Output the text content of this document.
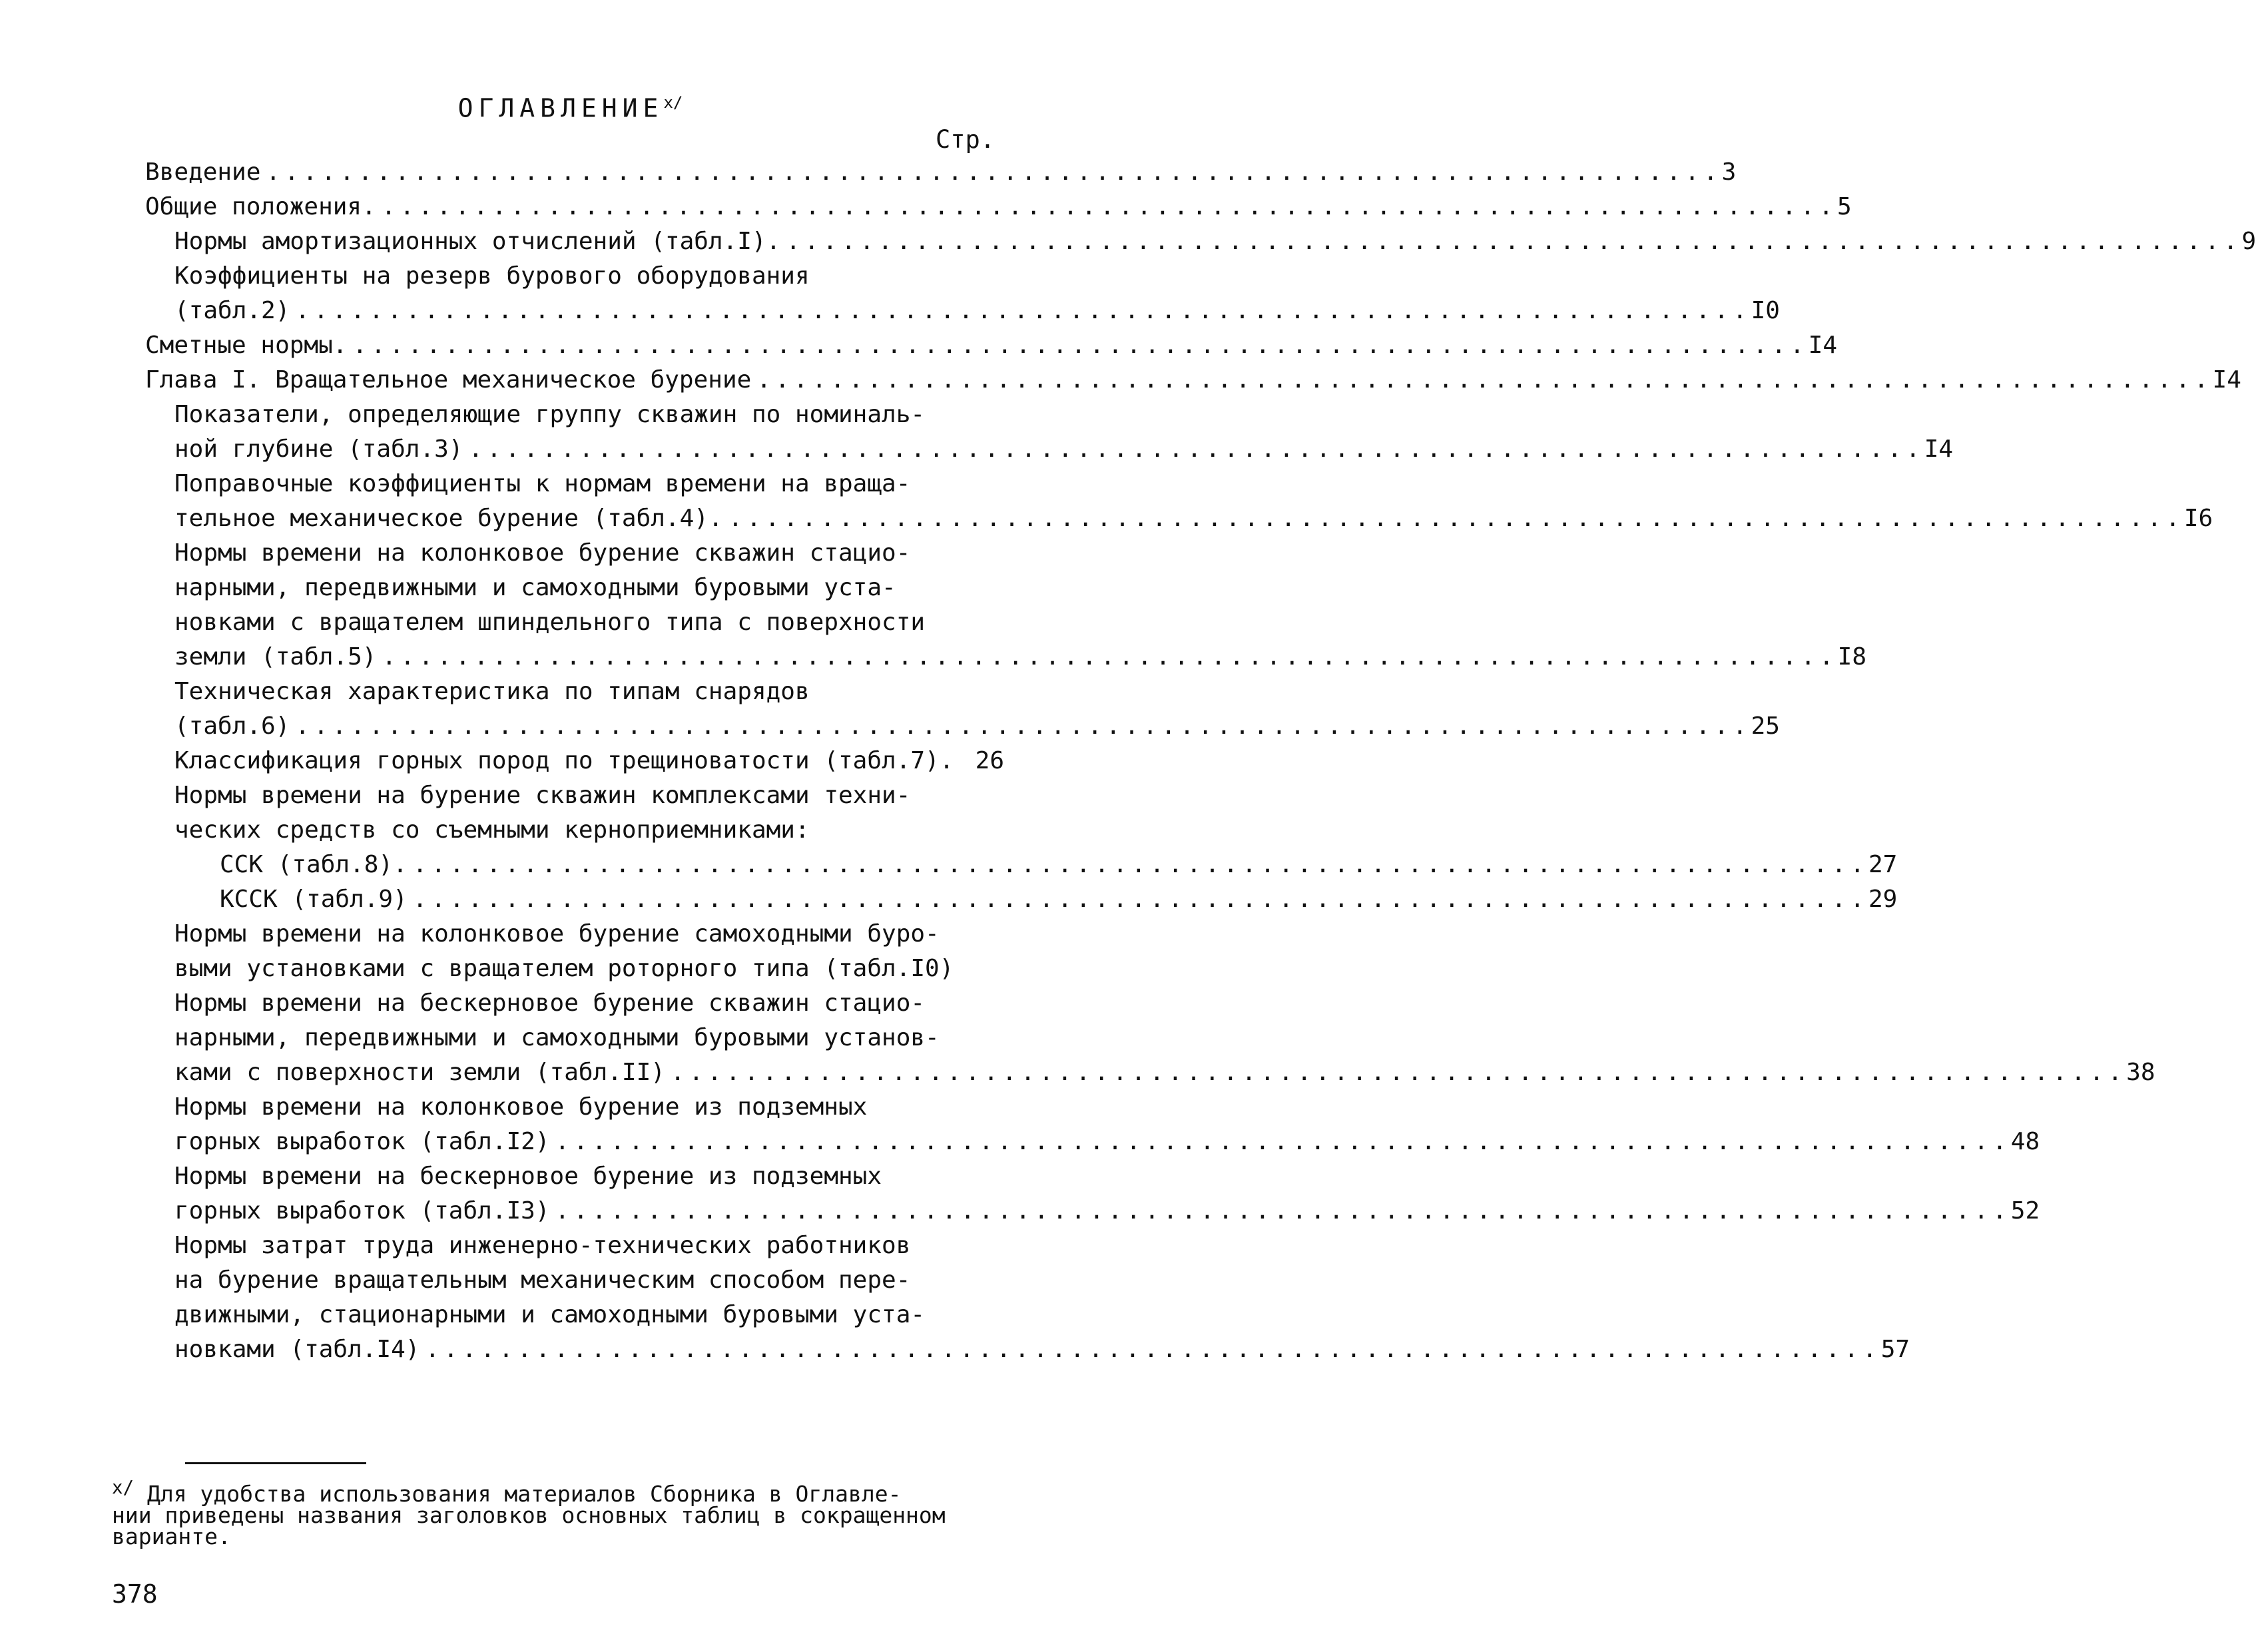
$ОГЛАВЛЕНИЕ^{x/}$
Стр.
Введение ............................................................................... 3
Общие положения. ............................................................................... 5
Нормы амортизационных отчислений (табл.I). ............................................................................... 9
Коэффициенты на резерв бурового оборудования
(табл.2) ............................................................................... I0
Сметные нормы. ............................................................................... I4
Глава I. Вращательное механическое бурение ............................................................................... I4
Показатели, определяющие группу скважин по номиналь-
ной глубине (табл.3) ............................................................................... I4
Поправочные коэффициенты к нормам времени на враща-
тельное механическое бурение (табл.4). ............................................................................... I6
Нормы времени на колонковое бурение скважин стацио-
нарными, передвижными и самоходными буровыми уста-
новками с вращателем шпиндельного типа с поверхности
земли (табл.5) ............................................................................... I8
Техническая характеристика по типам снарядов
(табл.6) ............................................................................... 25
Классификация горных пород по трещиноватости (табл.7). 26
Нормы времени на бурение скважин комплексами техни-
ческих средств со съемными керноприемниками:
ССК (табл.8). ............................................................................... 27
КССК (табл.9) ............................................................................... 29
Нормы времени на колонковое бурение самоходными буро-
выми установками с вращателем роторного типа (табл.I0)
Нормы времени на бескерновое бурение скважин стацио-
нарными, передвижными и самоходными буровыми установ-
ками с поверхности земли (табл.II) ............................................................................... 38
Нормы времени на колонковое бурение из подземных
горных выработок (табл.I2) ............................................................................... 48
Нормы времени на бескерновое бурение из подземных
горных выработок (табл.I3) ............................................................................... 52
Нормы затрат труда инженерно-технических работников
на бурение вращательным механическим способом пере-
движными, стационарными и самоходными буровыми уста-
новками (табл.I4) ............................................................................... 57
$^{x/}$ Для удобства использования материалов Сборника в Оглавле-
нии приведены названия заголовков основных таблиц в сокращенном
варианте.
378
